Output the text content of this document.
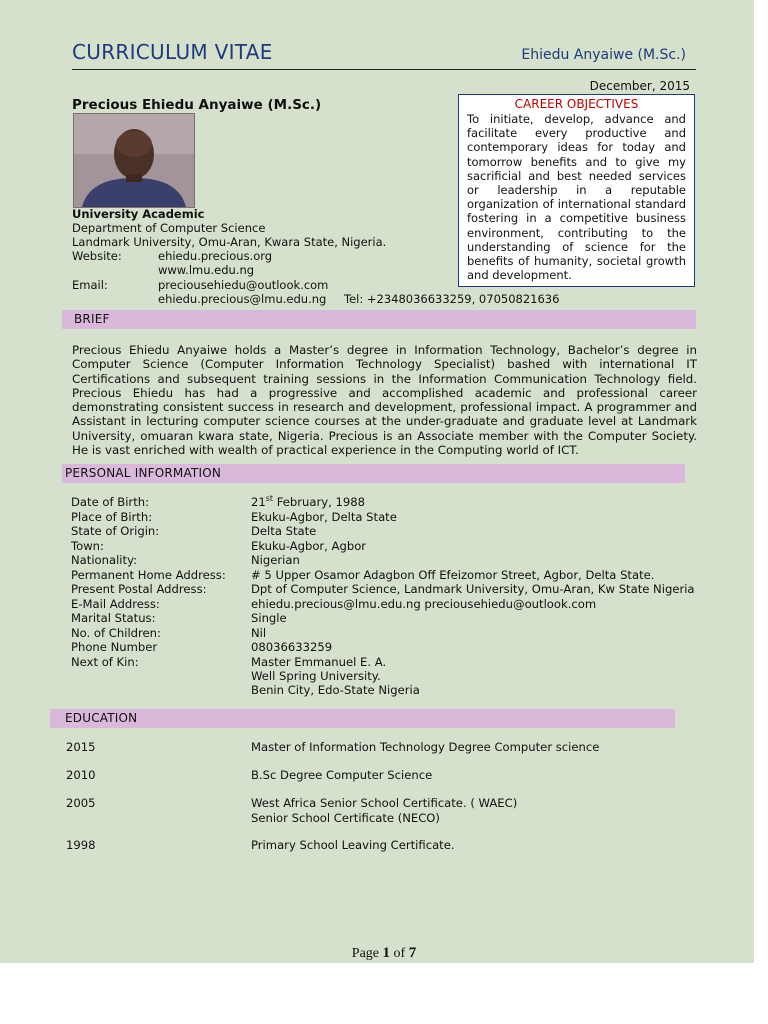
CURRICULUM VITAE	Ehiedu Anyaiwe (M.Sc.)
December, 2015
Precious Ehiedu Anyaiwe (M.Sc.)
University Academic
Department of Computer Science
Landmark University, Omu-Aran, Kwara State, Nigeria.
Website:	ehiedu.precious.org
www.lmu.edu.ng
Email:	preciousehiedu@outlook.com
ehiedu.precious@lmu.edu.ng Tel: +2348036633259, 07050821636
CAREER OBJECTIVES
To initiate, develop, advance and facilitate every productive and contemporary ideas for today and tomorrow benefits and to give my sacrificial and best needed services or leadership in a reputable organization of international standard fostering in a competitive business environment, contributing to the understanding of science for the benefits of humanity, societal growth and development.
BRIEF
Precious Ehiedu Anyaiwe holds a Master’s degree in Information Technology, Bachelor’s degree in Computer Science (Computer Information Technology Specialist) bashed with international IT Certifications and subsequent training sessions in the Information Communication Technology field. Precious Ehiedu has had a progressive and accomplished academic and professional career demonstrating consistent success in research and development, professional impact. A programmer and Assistant in lecturing computer science courses at the under-graduate and graduate level at Landmark University, omuaran kwara state, Nigeria. Precious is an Associate member with the Computer Society. He is vast enriched with wealth of practical experience in the Computing world of ICT.
PERSONAL INFORMATION
Date of Birth:	21st February, 1988
Place of Birth:	Ekuku-Agbor, Delta State
State of Origin:	Delta State
Town:	Ekuku-Agbor, Agbor
Nationality:	Nigerian
Permanent Home Address: # 5 Upper Osamor Adagbon Off Efeizomor Street, Agbor, Delta State.
Present Postal Address:	Dpt of Computer Science, Landmark University, Omu-Aran, Kw State Nigeria
E-Mail Address:	ehiedu.precious@lmu.edu.ng preciousehiedu@outlook.com
Marital Status:	Single
No. of Children:	Nil
Phone Number	08036633259
Next of Kin:	Master Emmanuel E. A.
Well Spring University.
Benin City, Edo-State Nigeria
EDUCATION
2015	Master of Information Technology Degree Computer science
2010	B.Sc Degree Computer Science
2005	West Africa Senior School Certificate. ( WAEC)
Senior School Certificate (NECO)
1998	Primary School Leaving Certificate.
Page 1 of 7
